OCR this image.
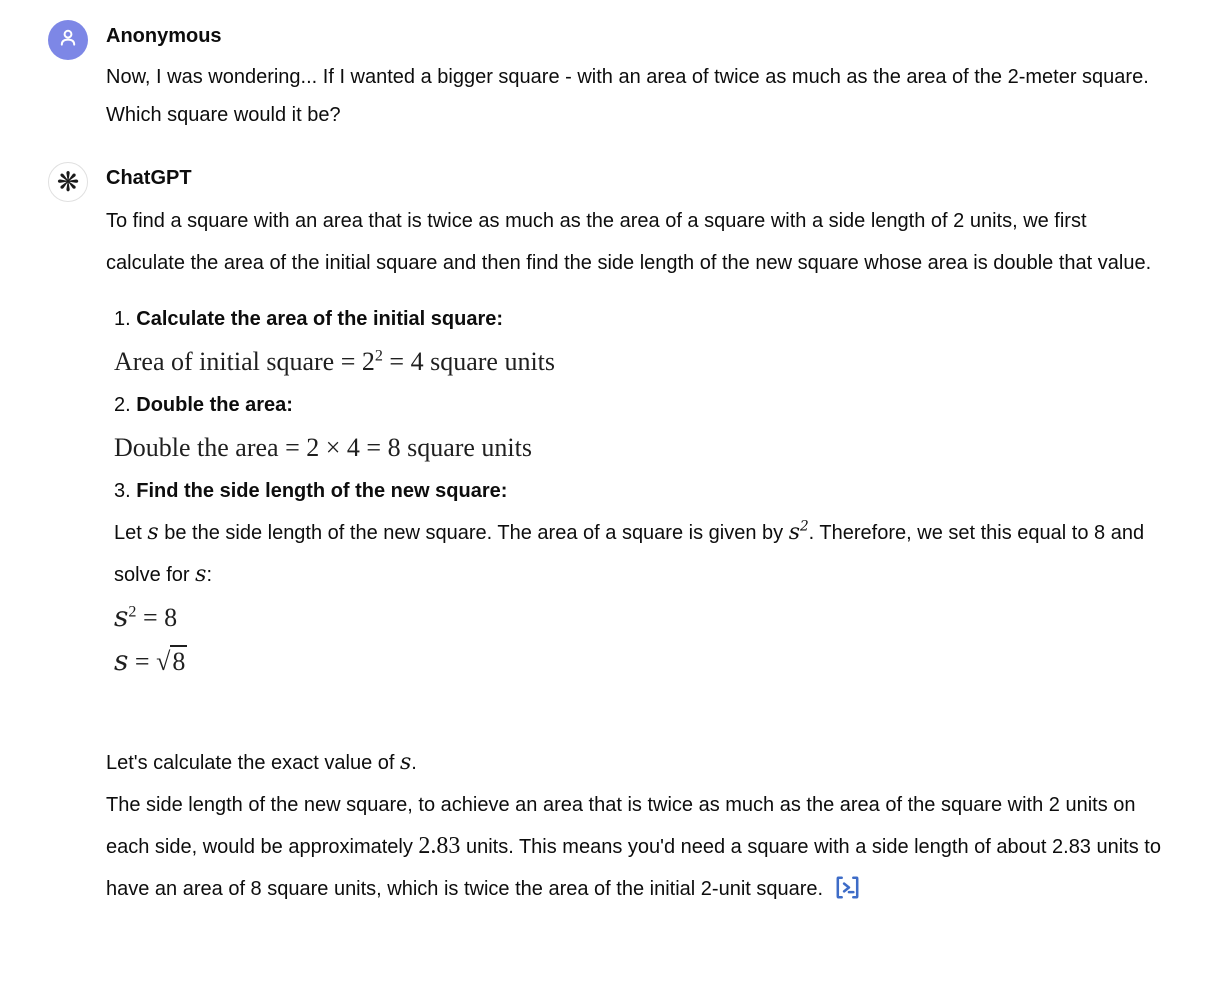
Anonymous
Now, I was wondering... If I wanted a bigger square - with an area of twice as much as the area of the 2-meter square. Which square would it be?
❋ ChatGPT
To find a square with an area that is twice as much as the area of a square with a side length of 2 units, we first calculate the area of the initial square and then find the side length of the new square whose area is double that value.
1. Calculate the area of the initial square:
Area of initial square = $2^2 = 4$ square units
2. Double the area:
Double the area = 2 × 4 = 8 square units
3. Find the side length of the new square:
Let s be the side length of the new square. The area of a square is given by $s^2$. Therefore, we set this equal to 8 and solve for s:
$s^2 = 8$
s = √8
Let's calculate the exact value of s.
The side length of the new square, to achieve an area that is twice as much as the area of the square with 2 units on each side, would be approximately 2.83 units. This means you'd need a square with a side length of about 2.83 units to have an area of 8 square units, which is twice the area of the initial 2-unit square.
